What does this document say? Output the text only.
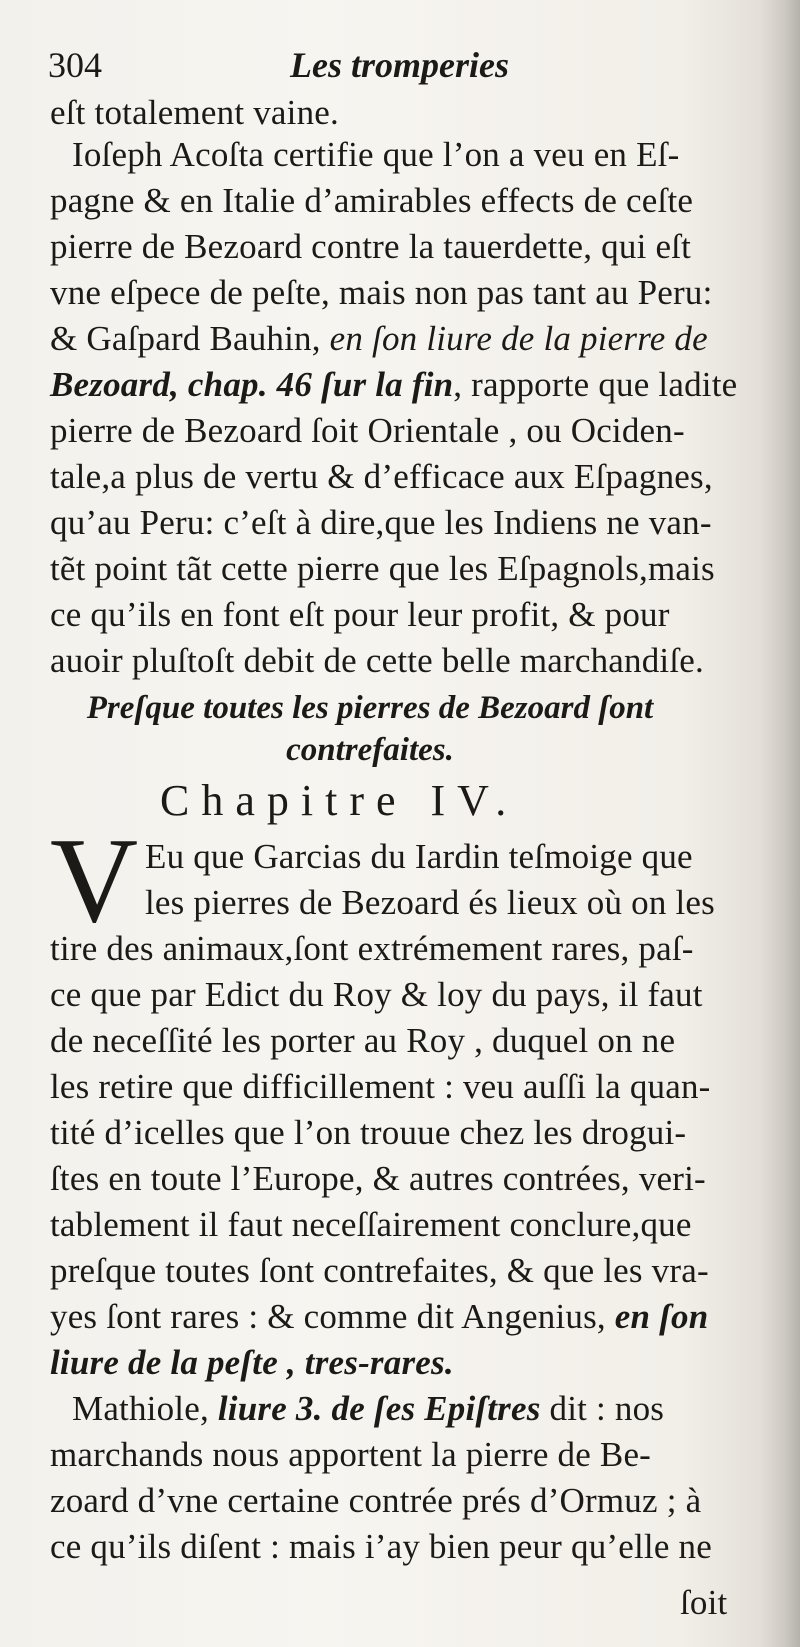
304	Les tromperies
eſt totalement vaine.
Ioſeph Acoſta certifie que l’on a veu en Eſ-
pagne & en Italie d’amirables effects de ceſte
pierre de Bezoard contre la tauerdette, qui eſt
vne eſpece de peſte, mais non pas tant au Peru:
& Gaſpard Bauhin, en ſon liure de la pierre de
Bezoard, chap. 46 ſur la fin, rapporte que ladite
pierre de Bezoard ſoit Orientale , ou Ociden-
tale,a plus de vertu & d’efficace aux Eſpagnes,
qu’au Peru: c’eſt à dire,que les Indiens ne van-
tẽt point tãt cette pierre que les Eſpagnols,mais
ce qu’ils en font eſt pour leur profit, & pour
auoir pluſtoſt debit de cette belle marchandiſe.
Preſque toutes les pierres de Bezoard ſont
contrefaites.
Chapitre IV.
V Eu que Garcias du Iardin teſmoige que
les pierres de Bezoard és lieux où on les
tire des animaux,ſont extrémement rares, paſ-
ce que par Edict du Roy & loy du pays, il faut
de neceſſité les porter au Roy , duquel on ne
les retire que difficillement : veu auſſi la quan-
tité d’icelles que l’on trouue chez les drogui-
ſtes en toute l’Europe, & autres contrées, veri-
tablement il faut neceſſairement conclure,que
preſque toutes ſont contrefaites, & que les vra-
yes ſont rares : & comme dit Angenius, en ſon
liure de la peſte , tres-rares.
Mathiole, liure 3. de ſes Epiſtres dit : nos
marchands nous apportent la pierre de Be-
zoard d’vne certaine contrée prés d’Ormuz ; à
ce qu’ils diſent : mais i’ay bien peur qu’elle ne
ſoit
